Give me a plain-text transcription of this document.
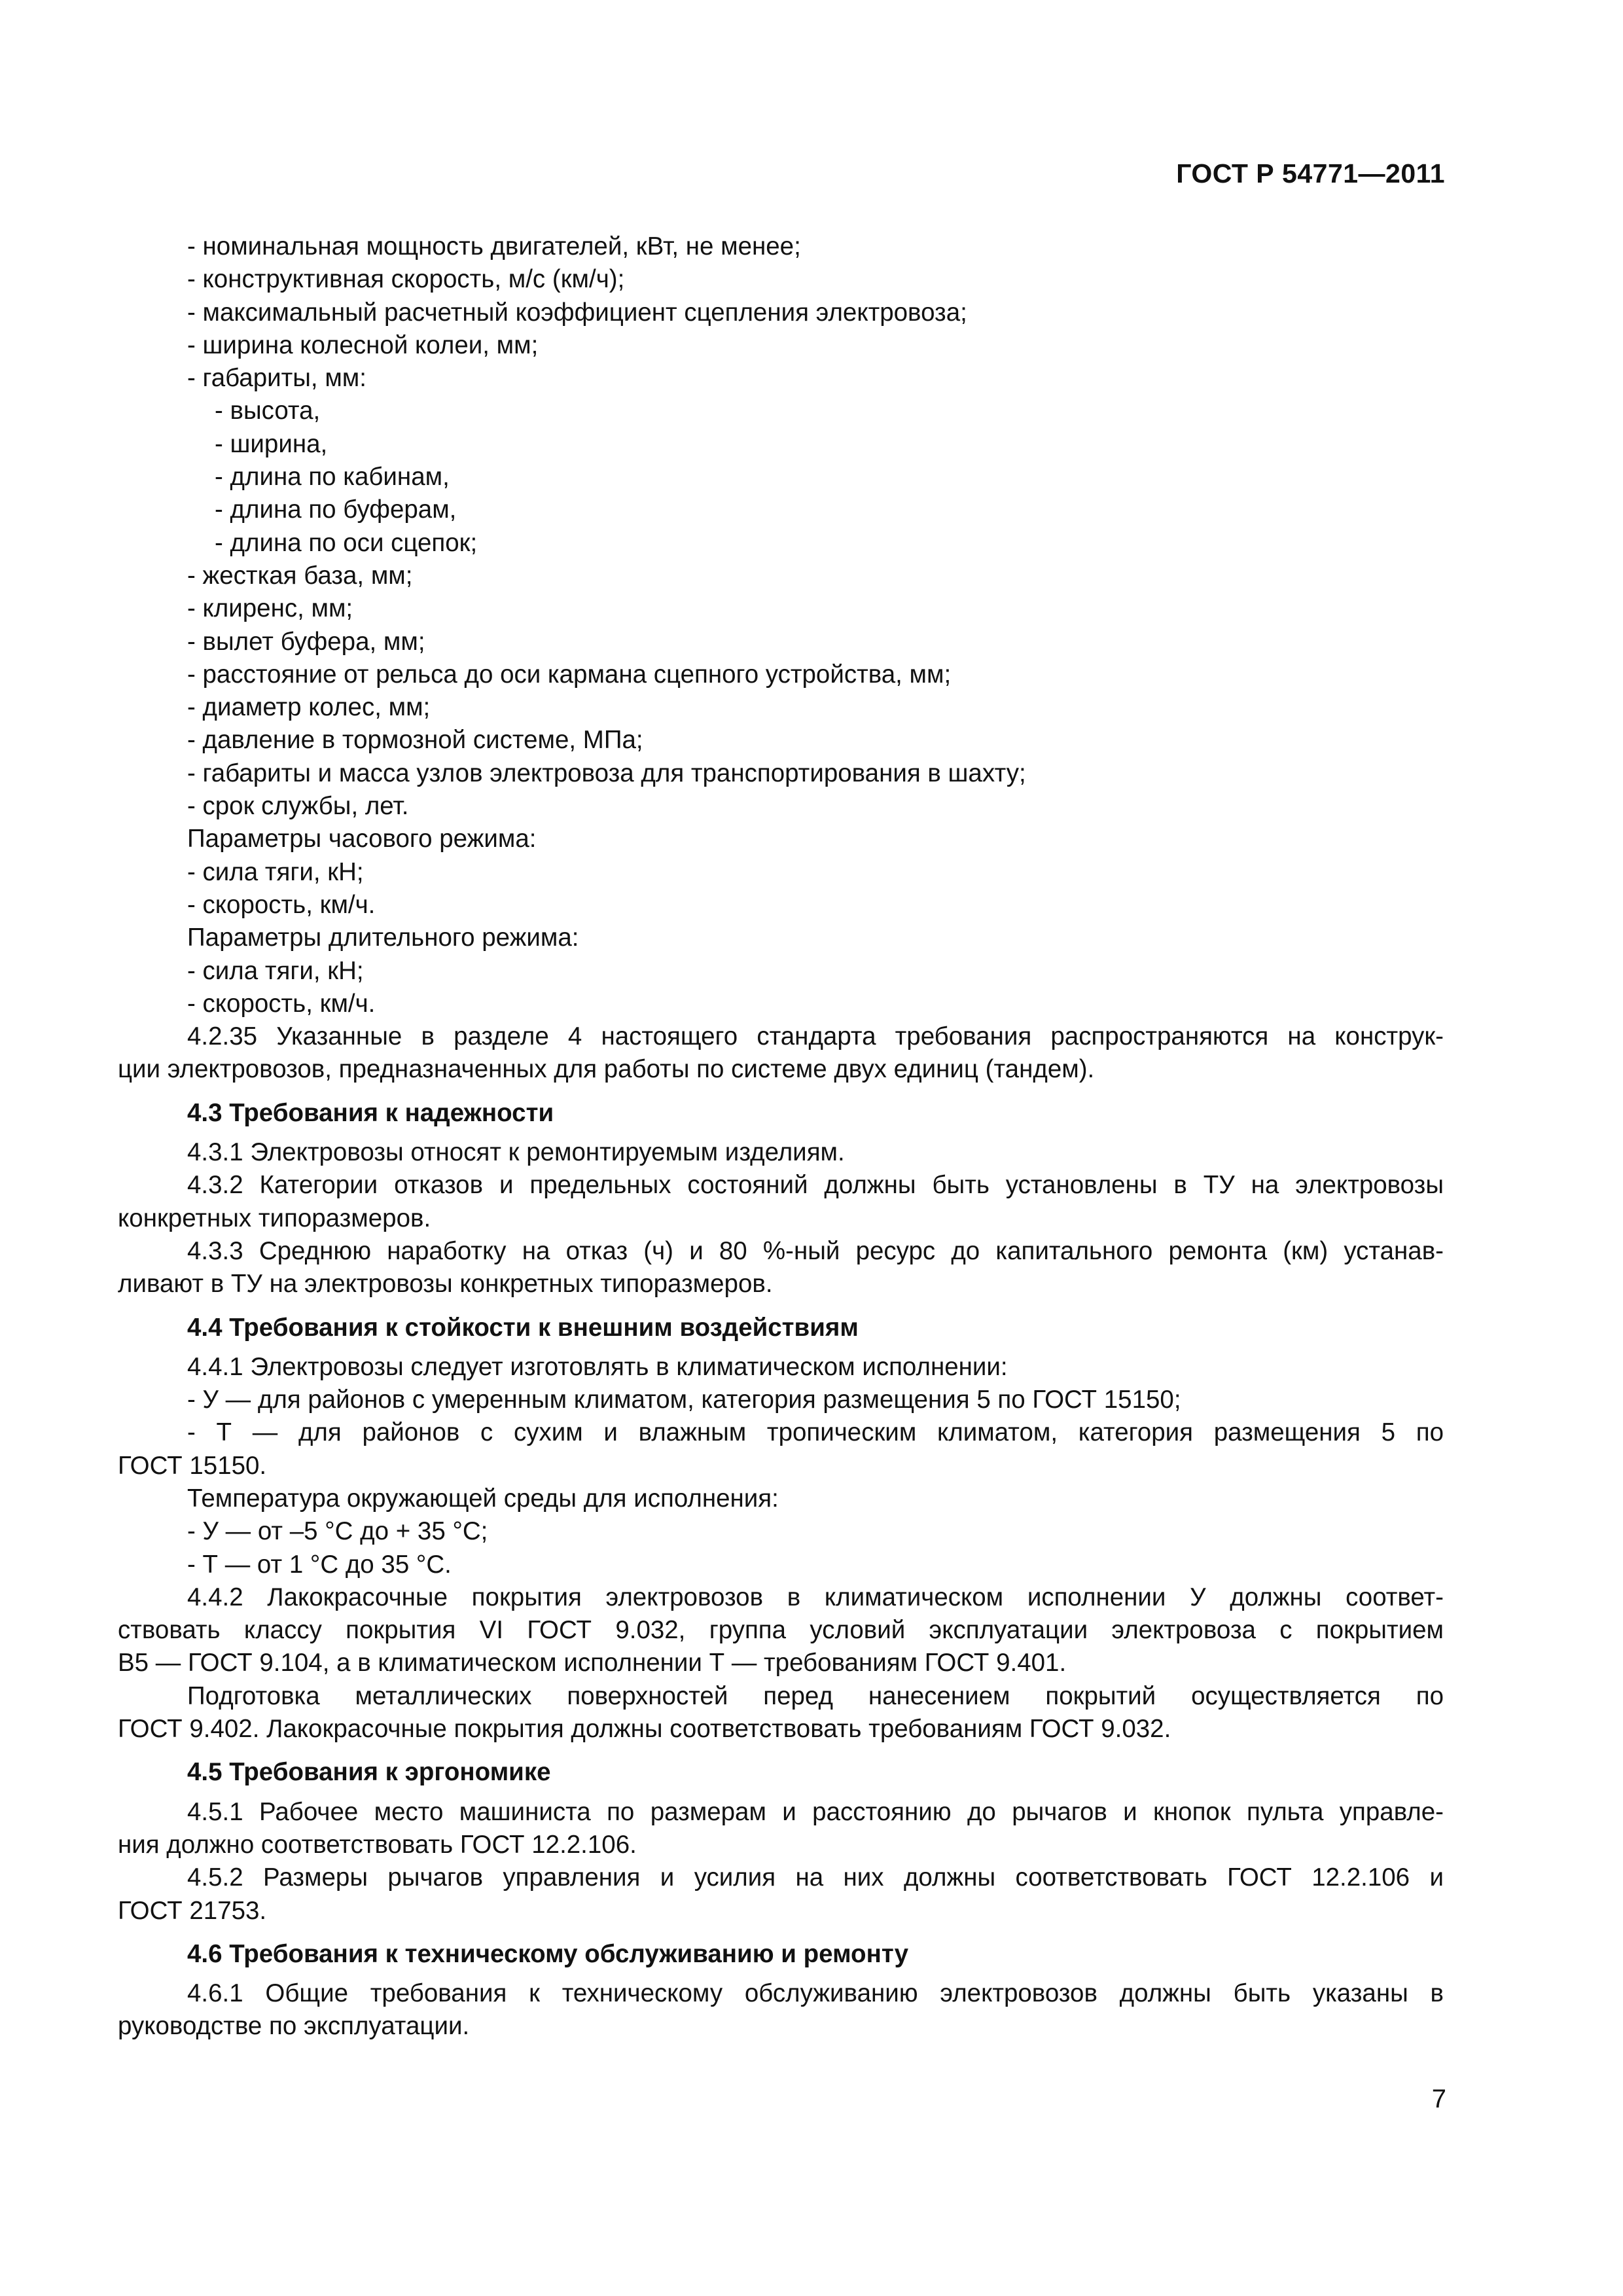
ГОСТ Р 54771—2011
- номинальная мощность двигателей, кВт, не менее;
- конструктивная скорость, м/с (км/ч);
- максимальный расчетный коэффициент сцепления электровоза;
- ширина колесной колеи, мм;
- габариты, мм:
- высота,
- ширина,
- длина по кабинам,
- длина по буферам,
- длина по оси сцепок;
- жесткая база, мм;
- клиренс, мм;
- вылет буфера, мм;
- расстояние от рельса до оси кармана сцепного устройства, мм;
- диаметр колес, мм;
- давление в тормозной системе, МПа;
- габариты и масса узлов электровоза для транспортирования в шахту;
- срок службы, лет.
Параметры часового режима:
- сила тяги, кН;
- скорость, км/ч.
Параметры длительного режима:
- сила тяги, кН;
- скорость, км/ч.
4.2.35 Указанные в разделе 4 настоящего стандарта требования распространяются на конструк-
ции электровозов, предназначенных для работы по системе двух единиц (тандем).
4.3 Требования к надежности
4.3.1 Электровозы относят к ремонтируемым изделиям.
4.3.2 Категории отказов и предельных состояний должны быть установлены в ТУ на электровозы
конкретных типоразмеров.
4.3.3 Среднюю наработку на отказ (ч) и 80 %-ный ресурс до капитального ремонта (км) устанав-
ливают в ТУ на электровозы конкретных типоразмеров.
4.4 Требования к стойкости к внешним воздействиям
4.4.1 Электровозы следует изготовлять в климатическом исполнении:
- У — для районов с умеренным климатом, категория размещения 5 по ГОСТ 15150;
- Т — для районов с сухим и влажным тропическим климатом, категория размещения 5 по
ГОСТ 15150.
Температура окружающей среды для исполнения:
- У — от –5 °С до + 35 °С;
- Т — от 1 °С до 35 °С.
4.4.2 Лакокрасочные покрытия электровозов в климатическом исполнении У должны соответ-
ствовать классу покрытия VI ГОСТ 9.032, группа условий эксплуатации электровоза с покрытием
В5 — ГОСТ 9.104, а в климатическом исполнении Т — требованиям ГОСТ 9.401.
Подготовка металлических поверхностей перед нанесением покрытий осуществляется по
ГОСТ 9.402. Лакокрасочные покрытия должны соответствовать требованиям ГОСТ 9.032.
4.5 Требования к эргономике
4.5.1 Рабочее место машиниста по размерам и расстоянию до рычагов и кнопок пульта управле-
ния должно соответствовать ГОСТ 12.2.106.
4.5.2 Размеры рычагов управления и усилия на них должны соответствовать ГОСТ 12.2.106 и
ГОСТ 21753.
4.6 Требования к техническому обслуживанию и ремонту
4.6.1 Общие требования к техническому обслуживанию электровозов должны быть указаны в
руководстве по эксплуатации.
7
